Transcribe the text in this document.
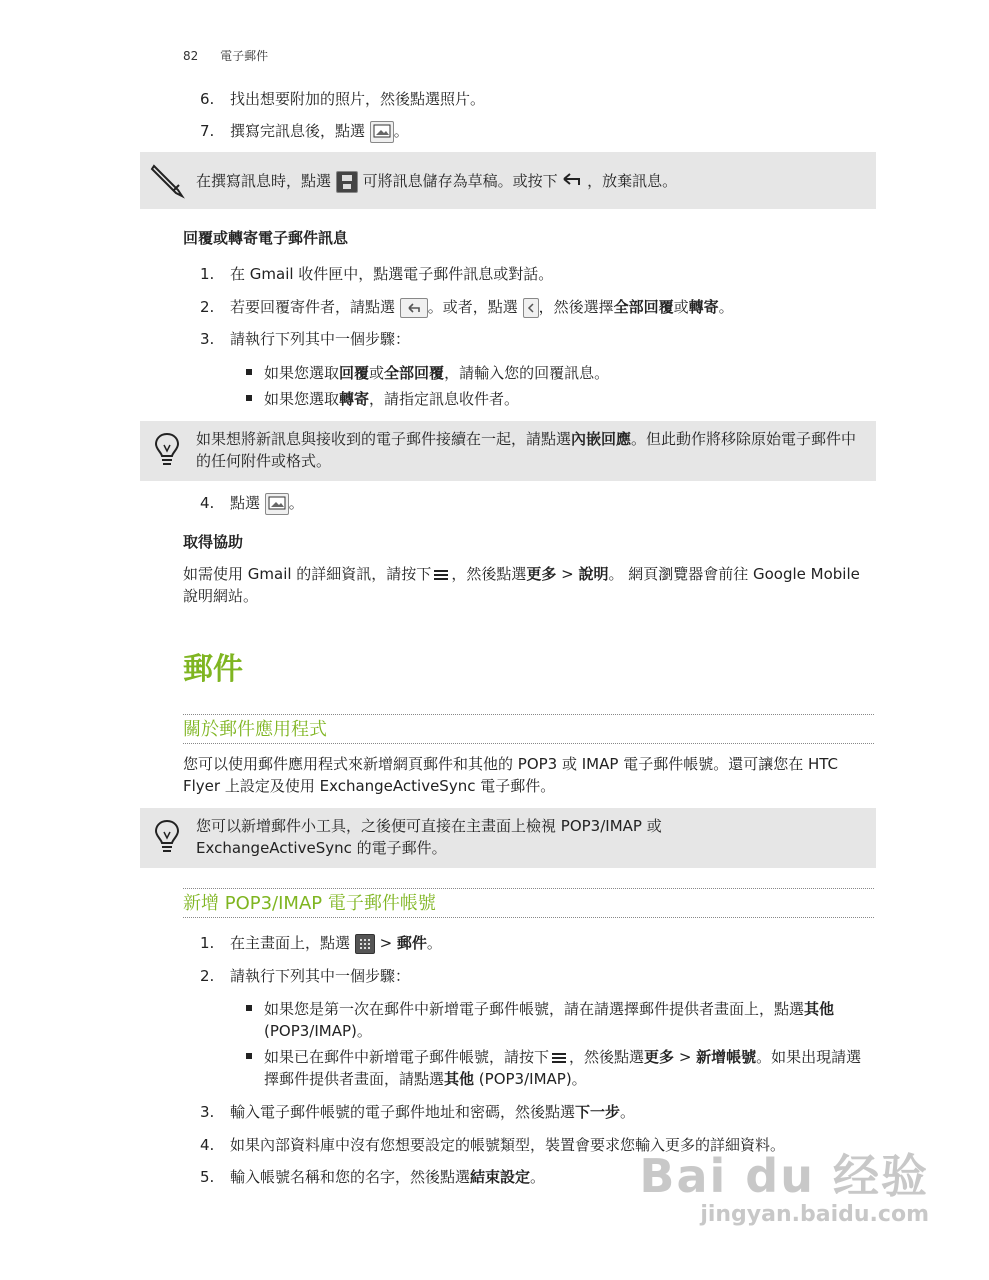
82 電子郵件
6. 找出想要附加的照片，然後點選照片。
7. 撰寫完訊息後，點選 。
在撰寫訊息時，點選 可將訊息儲存為草稿。或按下 ，放棄訊息。
回覆或轉寄電子郵件訊息
1. 在 Gmail 收件匣中，點選電子郵件訊息或對話。
2. 若要回覆寄件者，請點選 。或者，點選 ，然後選擇全部回覆或轉寄。
3. 請執行下列其中一個步驟：
如果您選取回覆或全部回覆，請輸入您的回覆訊息。
如果您選取轉寄，請指定訊息收件者。
如果想將新訊息與接收到的電子郵件接續在一起，請點選內嵌回應。但此動作將移除原始電子郵件中的任何附件或格式。
4. 點選 。
取得協助
如需使用 Gmail 的詳細資訊，請按下 ，然後點選更多 > 說明。 網頁瀏覽器會前往 Google Mobile 說明網站。
郵件
關於郵件應用程式
您可以使用郵件應用程式來新增網頁郵件和其他的 POP3 或 IMAP 電子郵件帳號。還可讓您在 HTC Flyer 上設定及使用 ExchangeActiveSync 電子郵件。
您可以新增郵件小工具，之後便可直接在主畫面上檢視 POP3/IMAP 或 ExchangeActiveSync 的電子郵件。
新增 POP3/IMAP 電子郵件帳號
1. 在主畫面上，點選  > 郵件。
2. 請執行下列其中一個步驟：
如果您是第一次在郵件中新增電子郵件帳號，請在請選擇郵件提供者畫面上，點選其他 (POP3/IMAP)。
如果已在郵件中新增電子郵件帳號，請按下 ，然後點選更多 > 新增帳號。如果出現請選擇郵件提供者畫面，請點選其他 (POP3/IMAP)。
3. 輸入電子郵件帳號的電子郵件地址和密碼，然後點選下一步。
4. 如果內部資料庫中沒有您想要設定的帳號類型，裝置會要求您輸入更多的詳細資料。
5. 輸入帳號名稱和您的名字，然後點選結束設定。	Bai du 经验
jingyan.baidu.com
